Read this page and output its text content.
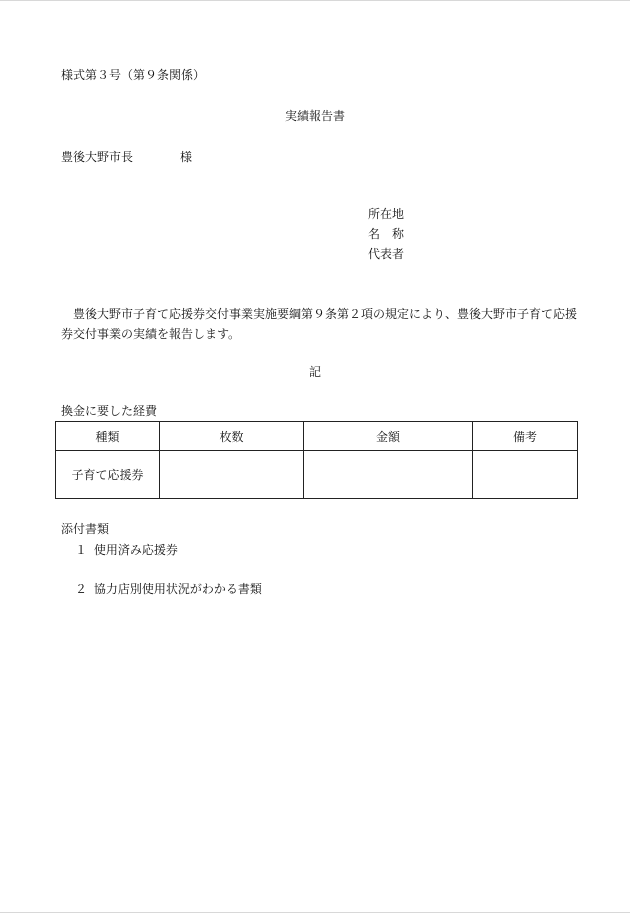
様式第３号（第９条関係）
実績報告書
豊後大野市長	様
所在地
名 称
代表者
豊後大野市子育て応援券交付事業実施要綱第９条第２項の規定により、豊後大野市子育て応援券交付事業の実績を報告します。
記
換金に要した経費
種類	枚数	金額	備考
子育て応援券			
添付書類
１ 使用済み応援券
２ 協力店別使用状況がわかる書類
